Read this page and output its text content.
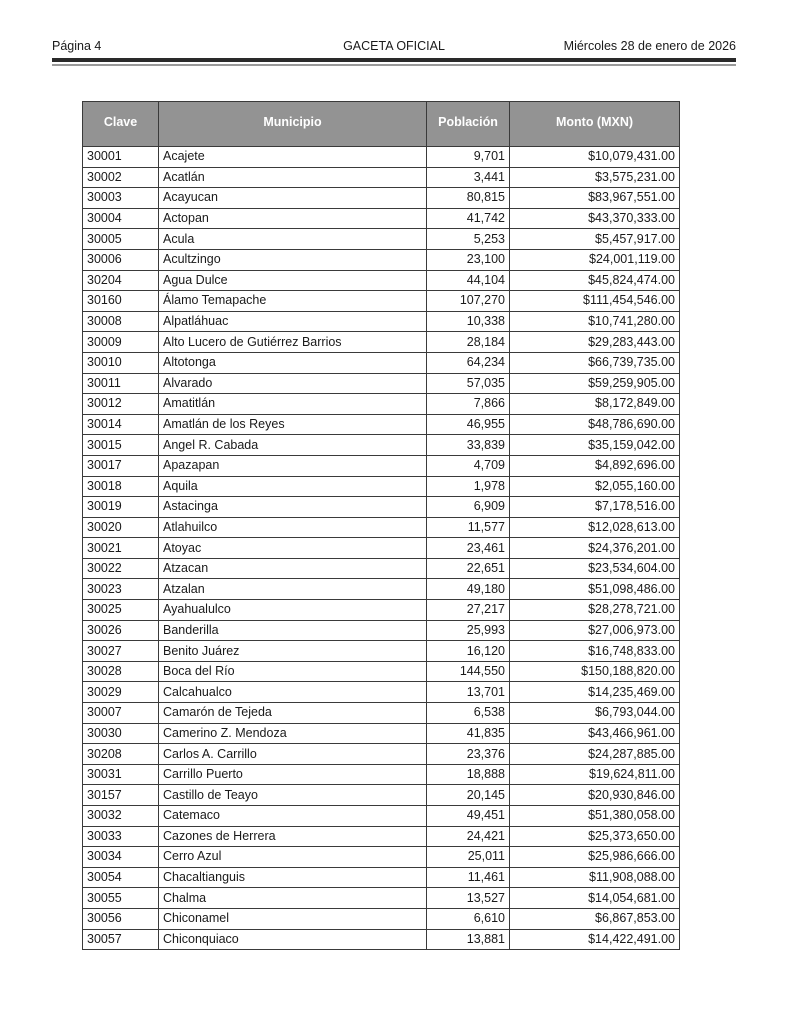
Página 4	GACETA OFICIAL	Miércoles 28 de enero de 2026
Clave	Municipio	Población	Monto (MXN)
30001	Acajete	9,701	$10,079,431.00
30002	Acatlán	3,441	$3,575,231.00
30003	Acayucan	80,815	$83,967,551.00
30004	Actopan	41,742	$43,370,333.00
30005	Acula	5,253	$5,457,917.00
30006	Acultzingo	23,100	$24,001,119.00
30204	Agua Dulce	44,104	$45,824,474.00
30160	Álamo Temapache	107,270	$111,454,546.00
30008	Alpatláhuac	10,338	$10,741,280.00
30009	Alto Lucero de Gutiérrez Barrios	28,184	$29,283,443.00
30010	Altotonga	64,234	$66,739,735.00
30011	Alvarado	57,035	$59,259,905.00
30012	Amatitlán	7,866	$8,172,849.00
30014	Amatlán de los Reyes	46,955	$48,786,690.00
30015	Angel R. Cabada	33,839	$35,159,042.00
30017	Apazapan	4,709	$4,892,696.00
30018	Aquila	1,978	$2,055,160.00
30019	Astacinga	6,909	$7,178,516.00
30020	Atlahuilco	11,577	$12,028,613.00
30021	Atoyac	23,461	$24,376,201.00
30022	Atzacan	22,651	$23,534,604.00
30023	Atzalan	49,180	$51,098,486.00
30025	Ayahualulco	27,217	$28,278,721.00
30026	Banderilla	25,993	$27,006,973.00
30027	Benito Juárez	16,120	$16,748,833.00
30028	Boca del Río	144,550	$150,188,820.00
30029	Calcahualco	13,701	$14,235,469.00
30007	Camarón de Tejeda	6,538	$6,793,044.00
30030	Camerino Z. Mendoza	41,835	$43,466,961.00
30208	Carlos A. Carrillo	23,376	$24,287,885.00
30031	Carrillo Puerto	18,888	$19,624,811.00
30157	Castillo de Teayo	20,145	$20,930,846.00
30032	Catemaco	49,451	$51,380,058.00
30033	Cazones de Herrera	24,421	$25,373,650.00
30034	Cerro Azul	25,011	$25,986,666.00
30054	Chacaltianguis	11,461	$11,908,088.00
30055	Chalma	13,527	$14,054,681.00
30056	Chiconamel	6,610	$6,867,853.00
30057	Chiconquiaco	13,881	$14,422,491.00
